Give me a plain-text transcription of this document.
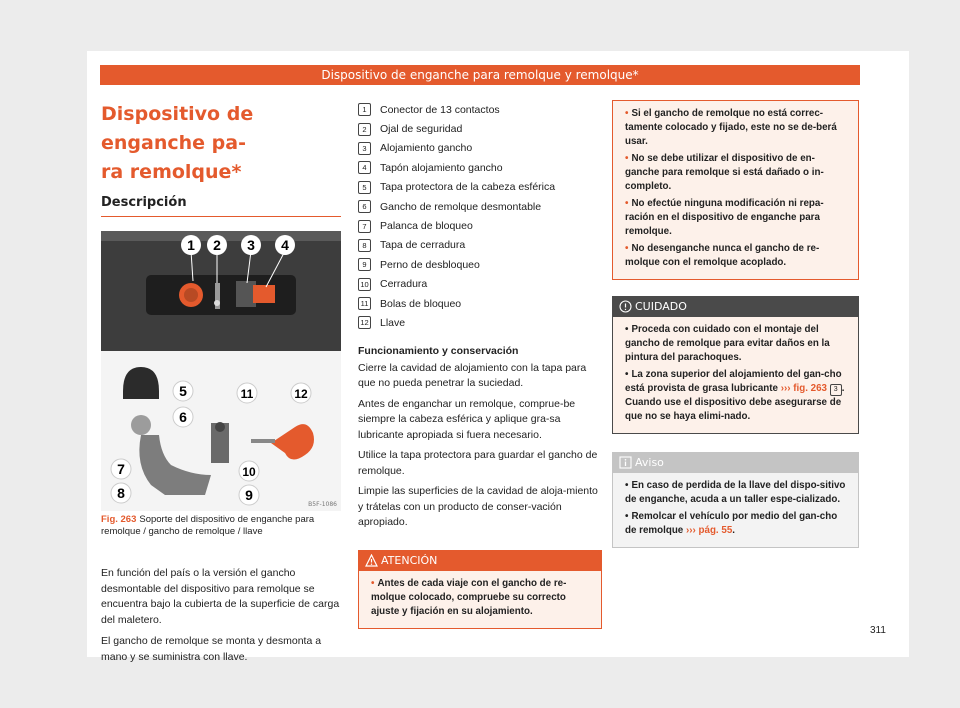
Dispositivo de enganche para remolque y remolque*
Dispositivo de enganche pa-
ra remolque*
Descripción
1 2 3 4
5
6
7
8	9
10
11	12
B5F-1086
Fig. 263 Soporte del dispositivo de enganche para remolque / gancho de remolque / llave

En función del país o la versión el gancho desmontable del dispositivo para remolque se encuentra bajo la cubierta de la superficie de carga del maletero.

El gancho de remolque se monta y desmonta a mano y se suministra con llave.

1	Conector de 13 contactos
2	Ojal de seguridad
3	Alojamiento gancho
4	Tapón alojamiento gancho
5	Tapa protectora de la cabeza esférica
6	Gancho de remolque desmontable
7	Palanca de bloqueo
8	Tapa de cerradura
9	Perno de desbloqueo
10 Cerradura
11 Bolas de bloqueo
12 Llave
Funcionamiento y conservación

Cierre la cavidad de alojamiento con la tapa para que no pueda penetrar la suciedad.

Antes de enganchar un remolque, comprue-be siempre la cabeza esférica y aplique gra-sa lubricante apropiada si fuera necesario.

Utilice la tapa protectora para guardar el gancho de remolque.

Limpie las superficies de la cavidad de aloja-miento y trátelas con un producto de conser-vación apropiado.

ATENCIÓN
• Antes de cada viaje con el gancho de re-molque colocado, compruebe su correcto ajuste y fijación en su alojamiento.
• Si el gancho de remolque no está correc-tamente colocado y fijado, este no se de-berá usar.
• No se debe utilizar el dispositivo de en-ganche para remolque si está dañado o in-completo.
• No efectúe ninguna modificación ni repa-ración en el dispositivo de enganche para remolque.
• No desenganche nunca el gancho de re-molque con el remolque acoplado.
CUIDADO
• Proceda con cuidado con el montaje del gancho de remolque para evitar daños en la pintura del parachoques.
• La zona superior del alojamiento del gan-cho está provista de grasa lubricante ››› fig. 263 3 . Cuando use el dispositivo debe asegurarse de que no se haya elimi-nado.
Aviso
• En caso de perdida de la llave del dispo-sitivo de enganche, acuda a un taller espe-cializado.
• Remolcar el vehículo por medio del gan-cho de remolque ››› pág. 55.
311
